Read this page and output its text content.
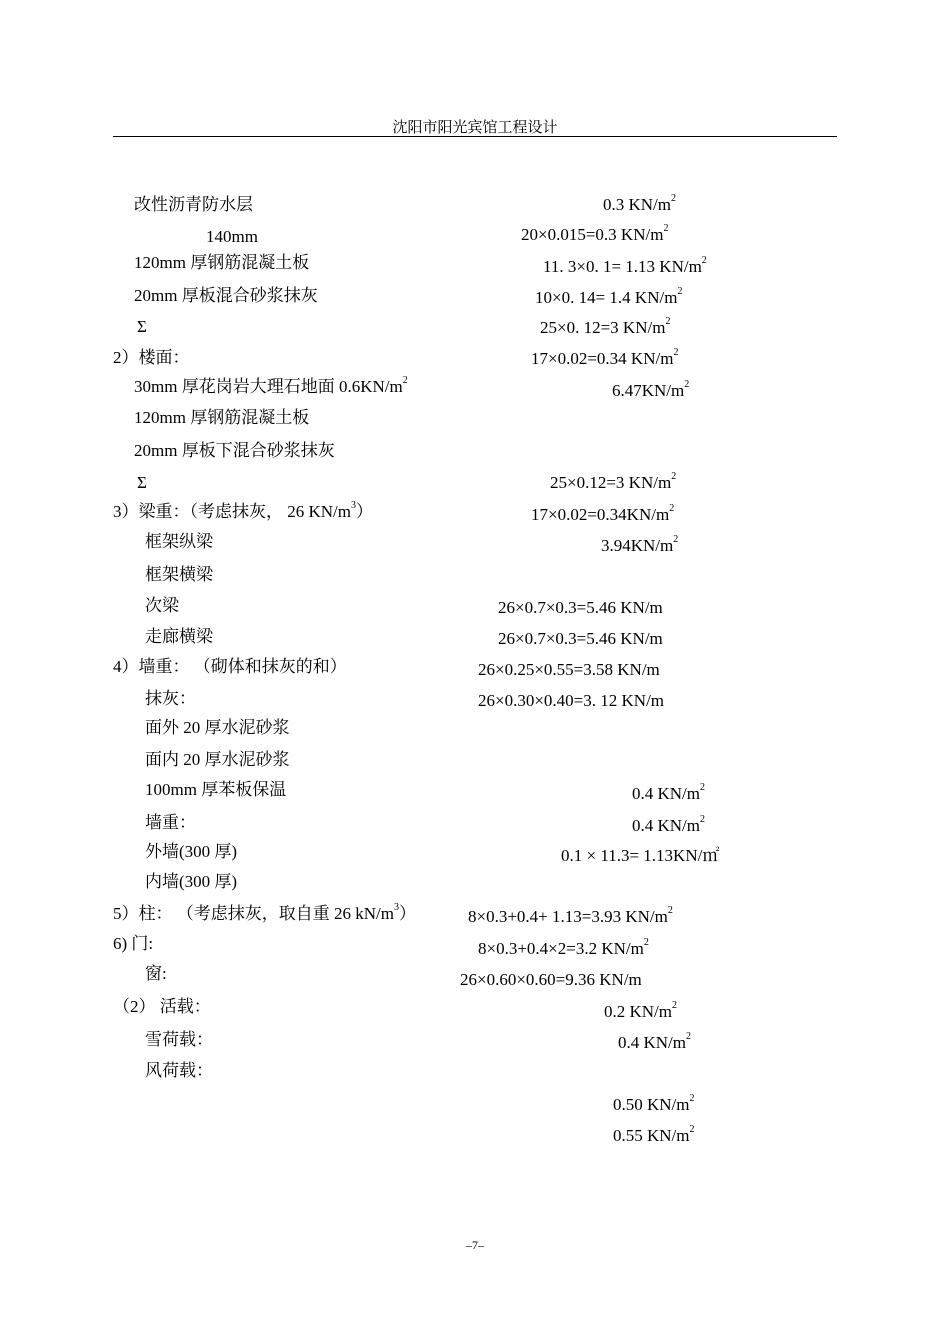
沈阳市阳光宾馆工程设计
改性沥青防水层
140mm
120mm 厚钢筋混凝土板
20mm 厚板混合砂浆抹灰
Σ
2）楼面：
30mm 厚花岗岩大理石地面 $0.6KN/m^2$
120mm 厚钢筋混凝土板
20mm 厚板下混合砂浆抹灰
Σ
3）梁重：（考虑抹灰， 26 $KN/m^3$）
框架纵梁
框架横梁
次梁
走廊横梁
4）墙重： （砌体和抹灰的和）
抹灰：
面外 20 厚水泥砂浆
面内 20 厚水泥砂浆
100mm 厚苯板保温
墙重：
外墙(300 厚)
内墙(300 厚)
5）柱： （考虑抹灰，取自重 26 $kN/m^3$）
6) 门:
窗:
（2） 活载：
雪荷载：
风荷载：
0.3 $KN/m^2$
20×0.015=0.3 $KN/m^2$
11. 3×0. 1= 1.13 $KN/m^2$
10×0. 14= 1.4 $KN/m^2$
25×0. 12=3 $KN/m^2$
17×0.02=0.34 $KN/m^2$
$6.47KN/m^2$
25×0.12=3 $KN/m^2$
$17\times 0.02=0.34KN/m^2$
$3.94KN/m^2$
26×0.7×0.3=5.46 KN/m
26×0.7×0.3=5.46 KN/m
26×0.25×0.55=3.58 KN/m
26×0.30×0.40=3. 12 KN/m
0.4 $KN/m^2$
0.4 $KN/m^2$
0.1 × 11.3= 1.13KN/㎡
8×0.3+0.4+ 1.13=3.93 $KN/m^2$
8×0.3+0.4×2=3.2 $KN/m^2$
26×0.60×0.60=9.36 KN/m
0.2 $KN/m^2$
0.4 $KN/m^2$
0.50 $KN/m^2$
0.55 $KN/m^2$
–7–
